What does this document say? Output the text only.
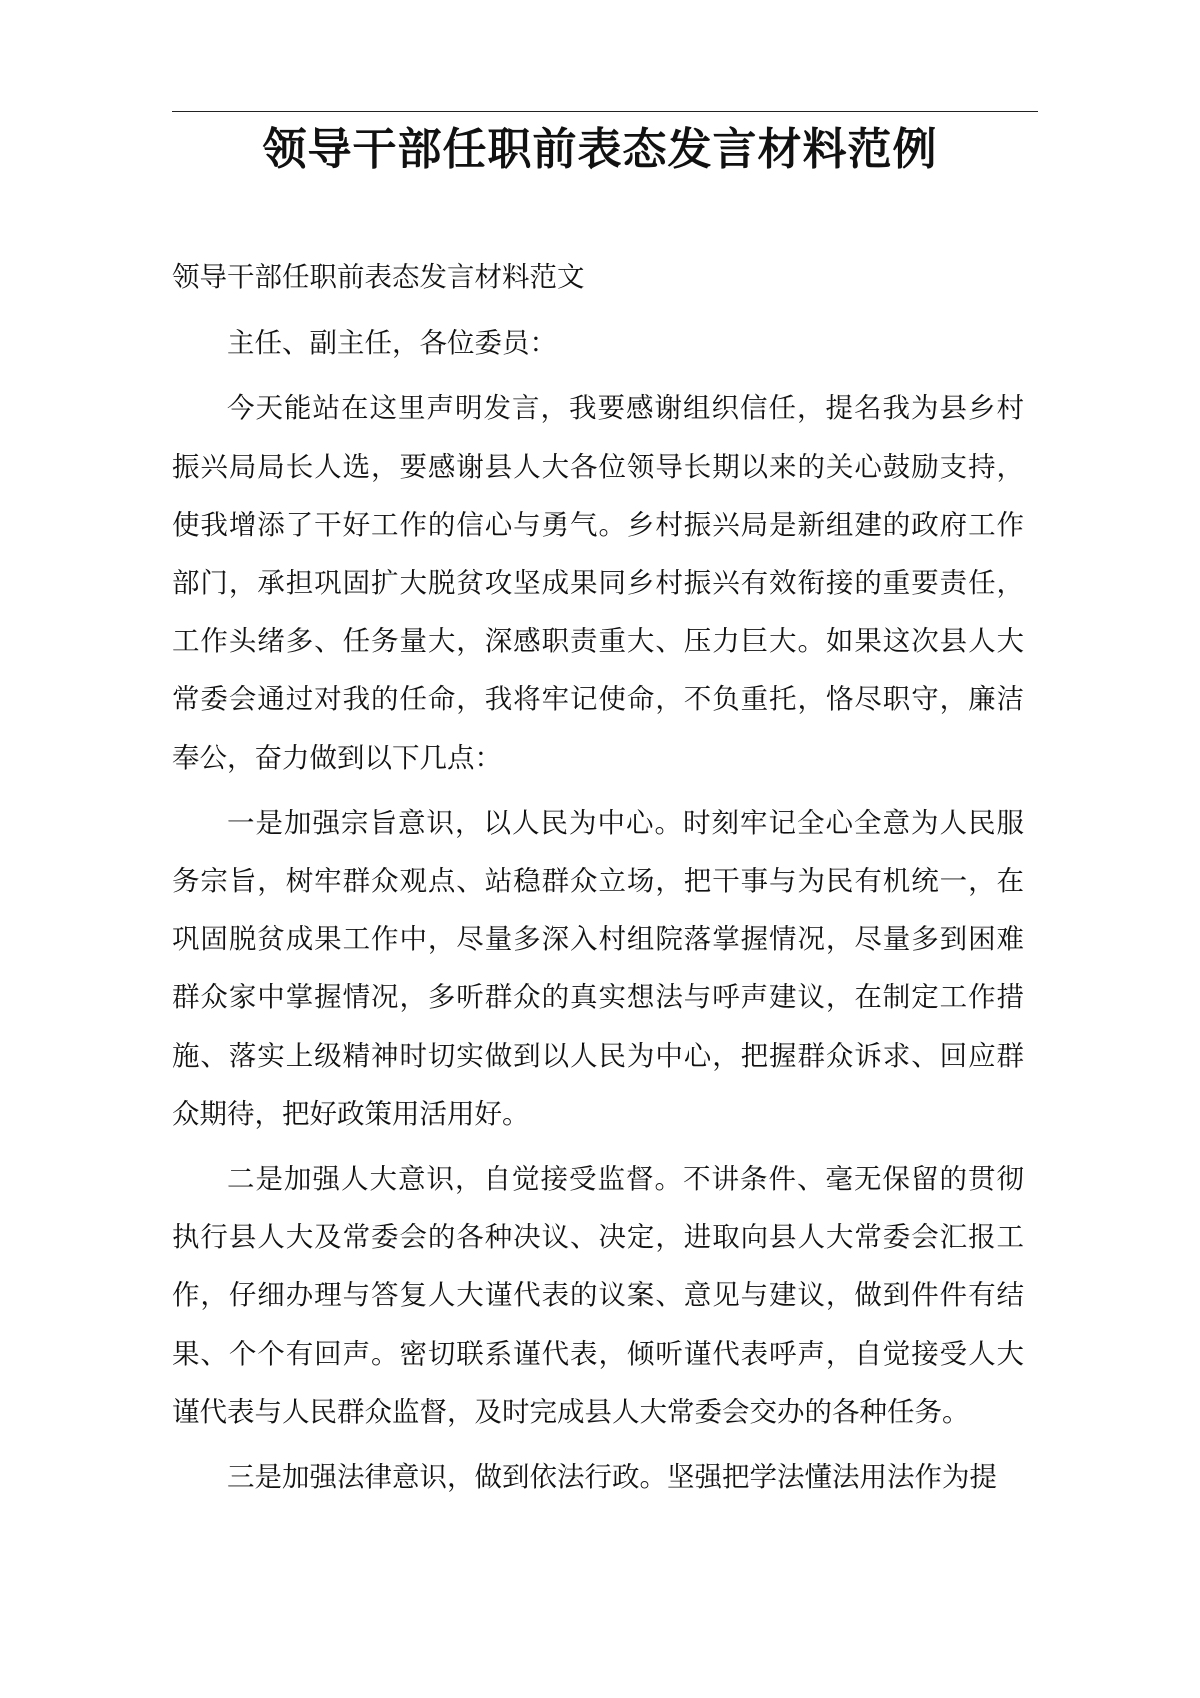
领导干部任职前表态发言材料范例

领导干部任职前表态发言材料范文

主任、副主任，各位委员：

今天能站在这里声明发言，我要感谢组织信任，提名我为县乡村振兴局局长人选，要感谢县人大各位领导长期以来的关心鼓励支持，使我增添了干好工作的信心与勇气。乡村振兴局是新组建的政府工作部门，承担巩固扩大脱贫攻坚成果同乡村振兴有效衔接的重要责任，工作头绪多、任务量大，深感职责重大、压力巨大。如果这次县人大常委会通过对我的任命，我将牢记使命，不负重托，恪尽职守，廉洁奉公，奋力做到以下几点：

一是加强宗旨意识，以人民为中心。时刻牢记全心全意为人民服务宗旨，树牢群众观点、站稳群众立场，把干事与为民有机统一，在巩固脱贫成果工作中，尽量多深入村组院落掌握情况，尽量多到困难群众家中掌握情况，多听群众的真实想法与呼声建议，在制定工作措施、落实上级精神时切实做到以人民为中心，把握群众诉求、回应群众期待，把好政策用活用好。

二是加强人大意识，自觉接受监督。不讲条件、毫无保留的贯彻执行县人大及常委会的各种决议、决定，进取向县人大常委会汇报工作，仔细办理与答复人大谨代表的议案、意见与建议，做到件件有结果、个个有回声。密切联系谨代表，倾听谨代表呼声，自觉接受人大谨代表与人民群众监督，及时完成县人大常委会交办的各种任务。

三是加强法律意识，做到依法行政。坚强把学法懂法用法作为提
